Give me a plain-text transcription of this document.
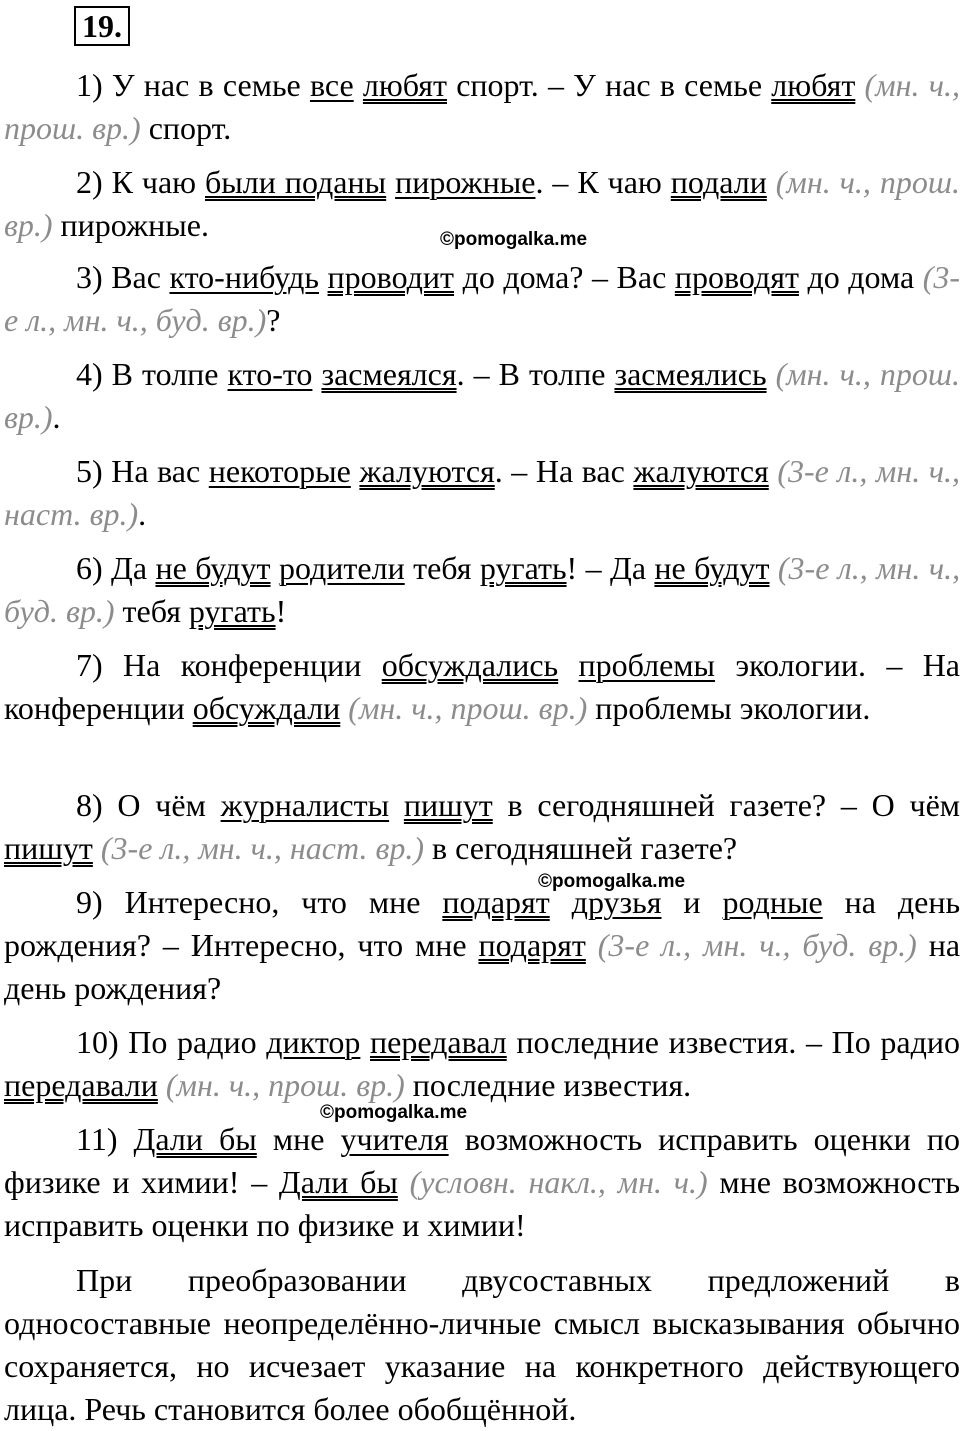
19.

1) У нас в семье все любят спорт. – У нас в семье любят (мн. ч., прош. вр.) спорт.

2) К чаю были поданы пирожные. – К чаю подали (мн. ч., прош. вр.) пирожные.

3) Вас кто-нибудь проводит до дома? – Вас проводят до дома (3-е л., мн. ч., буд. вр.)?

4) В толпе кто-то засмеялся. – В толпе засмеялись (мн. ч., прош. вр.).

5) На вас некоторые жалуются. – На вас жалуются (3-е л., мн. ч., наст. вр.).

6) Да не будут родители тебя ругать! – Да не будут (3-е л., мн. ч., буд. вр.) тебя ругать!

7) На конференции обсуждались проблемы экологии. – На конференции обсуждали (мн. ч., прош. вр.) проблемы экологии.

8) О чём журналисты пишут в сегодняшней газете? – О чём пишут (3-е л., мн. ч., наст. вр.) в сегодняшней газете?

9) Интересно, что мне подарят друзья и родные на день рождения? – Интересно, что мне подарят (3-е л., мн. ч., буд. вр.) на день рождения?

10) По радио диктор передавал последние известия. – По радио передавали (мн. ч., прош. вр.) последние известия.

11) Дали бы мне учителя возможность исправить оценки по физике и химии! – Дали бы (условн. накл., мн. ч.) мне возможность исправить оценки по физике и химии!

При преобразовании двусоставных предложений в односоставные неопределённо-личные смысл высказывания обычно сохраняется, но исчезает указание на конкретного действующего лица. Речь становится более обобщённой.

©pomogalka.me
©pomogalka.me
©pomogalka.me
